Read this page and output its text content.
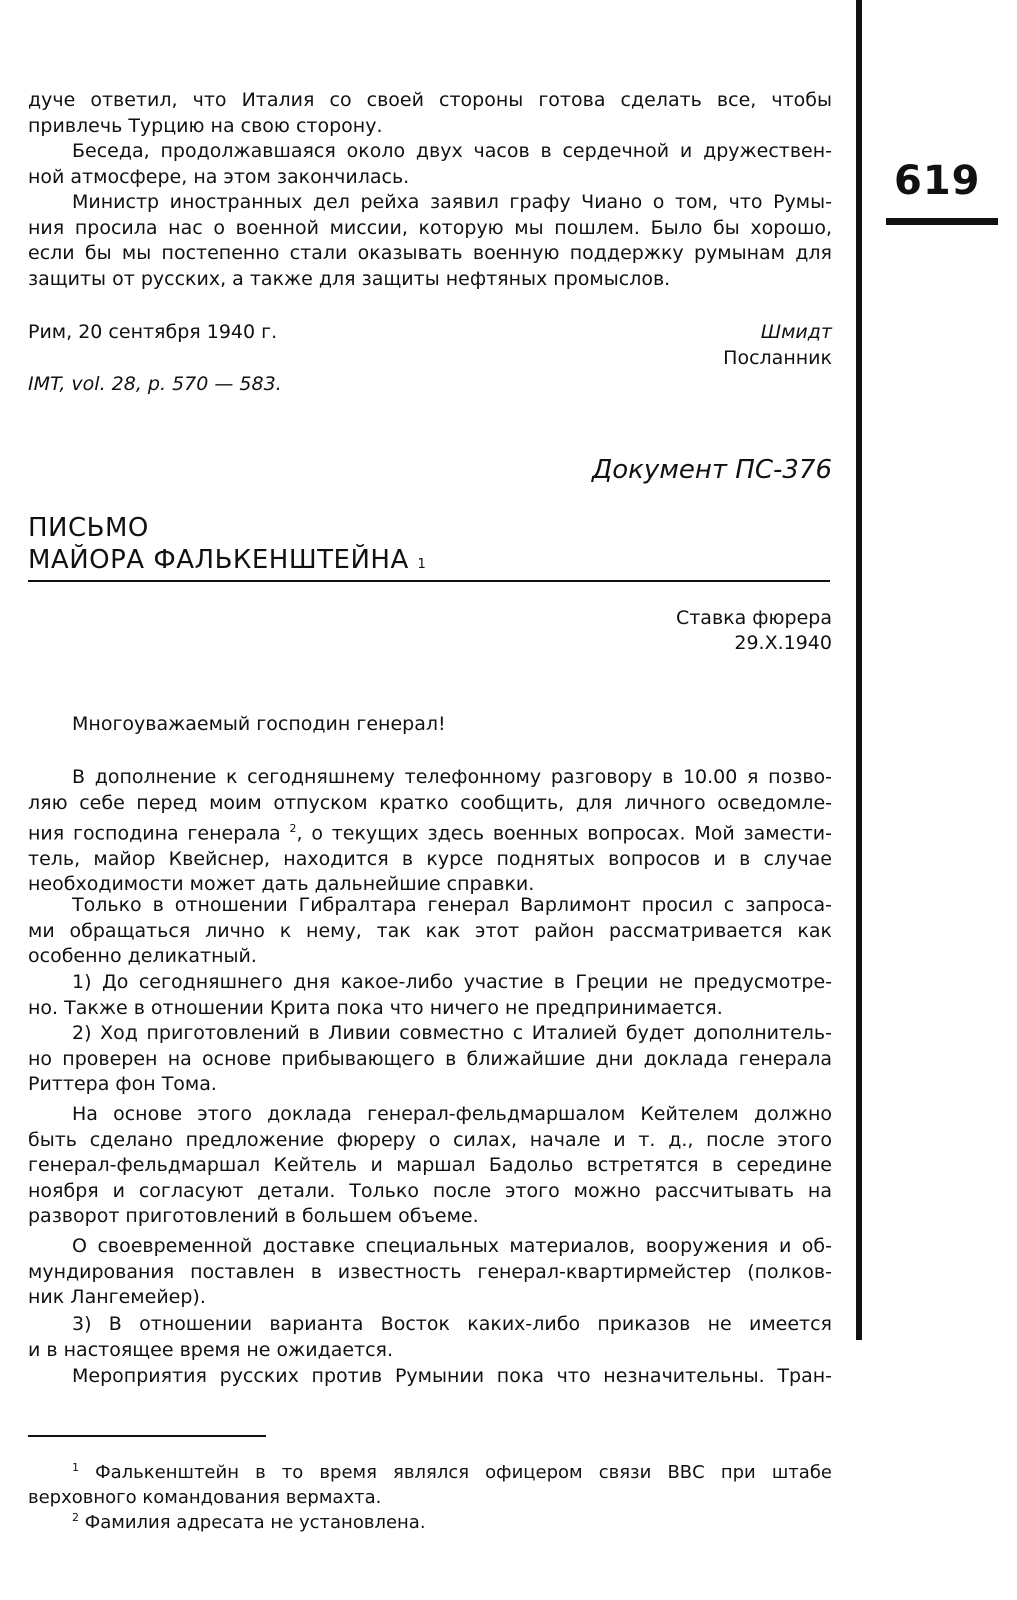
619
дуче ответил, что Италия со своей стороны готова сделать все, чтобы
привлечь Турцию на свою сторону.
Беседа, продолжавшаяся около двух часов в сердечной и дружествен-
ной атмосфере, на этом закончилась.
Министр иностранных дел рейха заявил графу Чиано о том, что Румы-
ния просила нас о военной миссии, которую мы пошлем. Было бы хорошо,
если бы мы постепенно стали оказывать военную поддержку румынам для
защиты от русских, а также для защиты нефтяных промыслов.
Рим, 20 сентября 1940 г.	Шмидт
Посланник
IMT, vol. 28, p. 570 — 583.
Документ ПС-376
ПИСЬМО
МАЙОРА ФАЛЬКЕНШТЕЙНА 1
Ставка фюрера
29.X.1940
Многоуважаемый господин генерал!
В дополнение к сегодняшнему телефонному разговору в 10.00 я позво-
ляю себе перед моим отпуском кратко сообщить, для личного осведомле-
ния господина генерала $^2$, о текущих здесь военных вопросах. Мой замести-
тель, майор Квейснер, находится в курсе поднятых вопросов и в случае
необходимости может дать дальнейшие справки.
Только в отношении Гибралтара генерал Варлимонт просил с запроса-
ми обращаться лично к нему, так как этот район рассматривается как
особенно деликатный.
1) До сегодняшнего дня какое-либо участие в Греции не предусмотре-
но. Также в отношении Крита пока что ничего не предпринимается.
2) Ход приготовлений в Ливии совместно с Италией будет дополнитель-
но проверен на основе прибывающего в ближайшие дни доклада генерала
Риттера фон Тома.
На основе этого доклада генерал-фельдмаршалом Кейтелем должно
быть сделано предложение фюреру о силах, начале и т. д., после этого
генерал-фельдмаршал Кейтель и маршал Бадольо встретятся в середине
ноября и согласуют детали. Только после этого можно рассчитывать на
разворот приготовлений в большем объеме.
О своевременной доставке специальных материалов, вооружения и об-
мундирования поставлен в известность генерал-квартирмейстер (полков-
ник Лангемейер).
3) В отношении варианта Восток каких-либо приказов не имеется
и в настоящее время не ожидается.
Мероприятия русских против Румынии пока что незначительны. Тран-
$^1$ Фалькенштейн в то время являлся офицером связи ВВС при штабе
верховного командования вермахта.
$^2$ Фамилия адресата не установлена.
